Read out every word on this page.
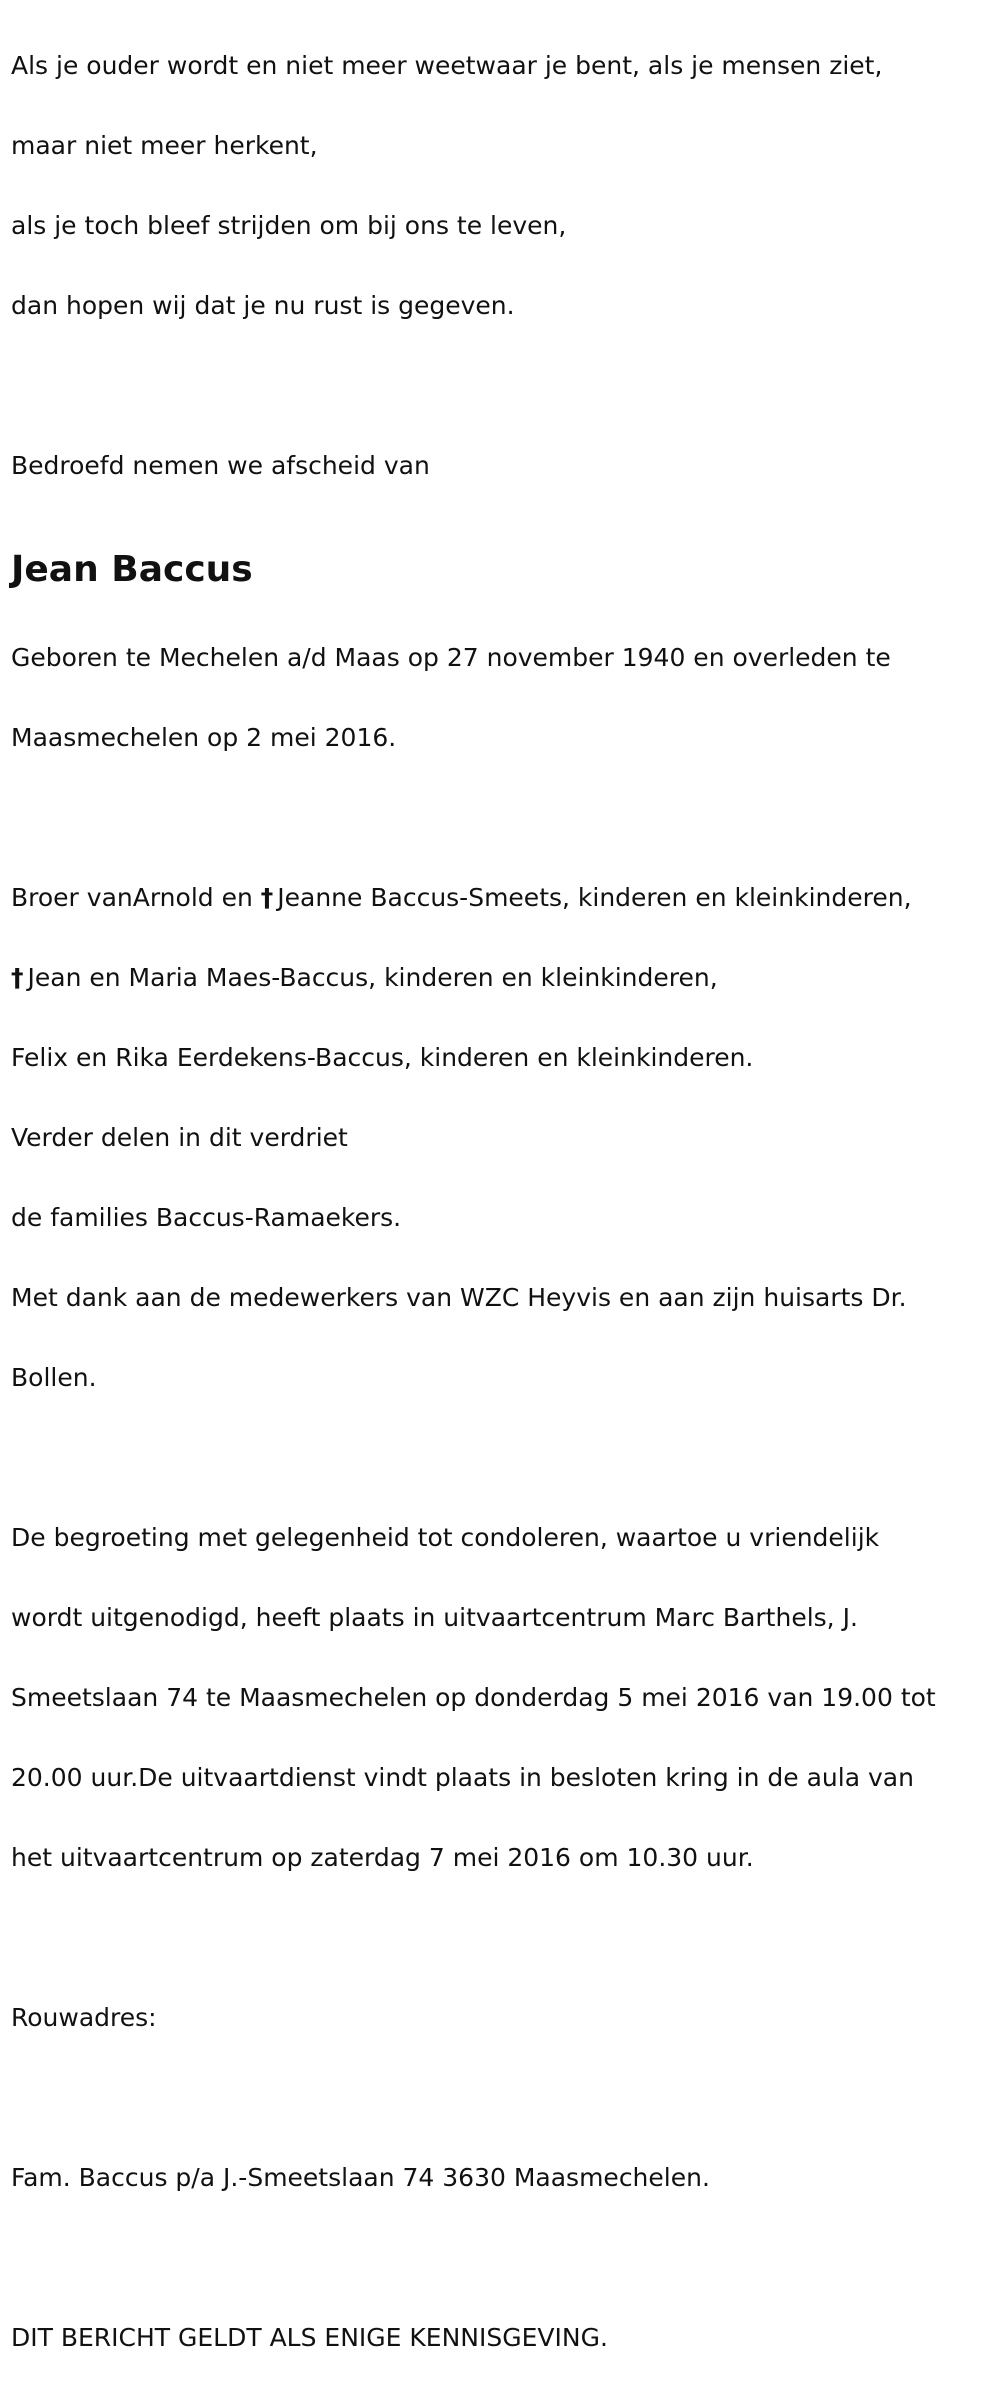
Als je ouder wordt en niet meer weetwaar je bent, als je mensen ziet,

maar niet meer herkent,

als je toch bleef strijden om bij ons te leven,

dan hopen wij dat je nu rust is gegeven.

Bedroefd nemen we afscheid van

Jean Baccus

Geboren te Mechelen a/d Maas op 27 november 1940 en overleden te

Maasmechelen op 2 mei 2016.

Broer vanArnold en † Jeanne Baccus-Smeets, kinderen en kleinkinderen,

† Jean en Maria Maes-Baccus, kinderen en kleinkinderen,

Felix en Rika Eerdekens-Baccus, kinderen en kleinkinderen.

Verder delen in dit verdriet

de families Baccus-Ramaekers.

Met dank aan de medewerkers van WZC Heyvis en aan zijn huisarts Dr.

Bollen.

De begroeting met gelegenheid tot condoleren, waartoe u vriendelijk

wordt uitgenodigd, heeft plaats in uitvaartcentrum Marc Barthels, J.

Smeetslaan 74 te Maasmechelen op donderdag 5 mei 2016 van 19.00 tot

20.00 uur.De uitvaartdienst vindt plaats in besloten kring in de aula van

het uitvaartcentrum op zaterdag 7 mei 2016 om 10.30 uur.

Rouwadres:

Fam. Baccus p/a J.-Smeetslaan 74 3630 Maasmechelen.

DIT BERICHT GELDT ALS ENIGE KENNISGEVING.
